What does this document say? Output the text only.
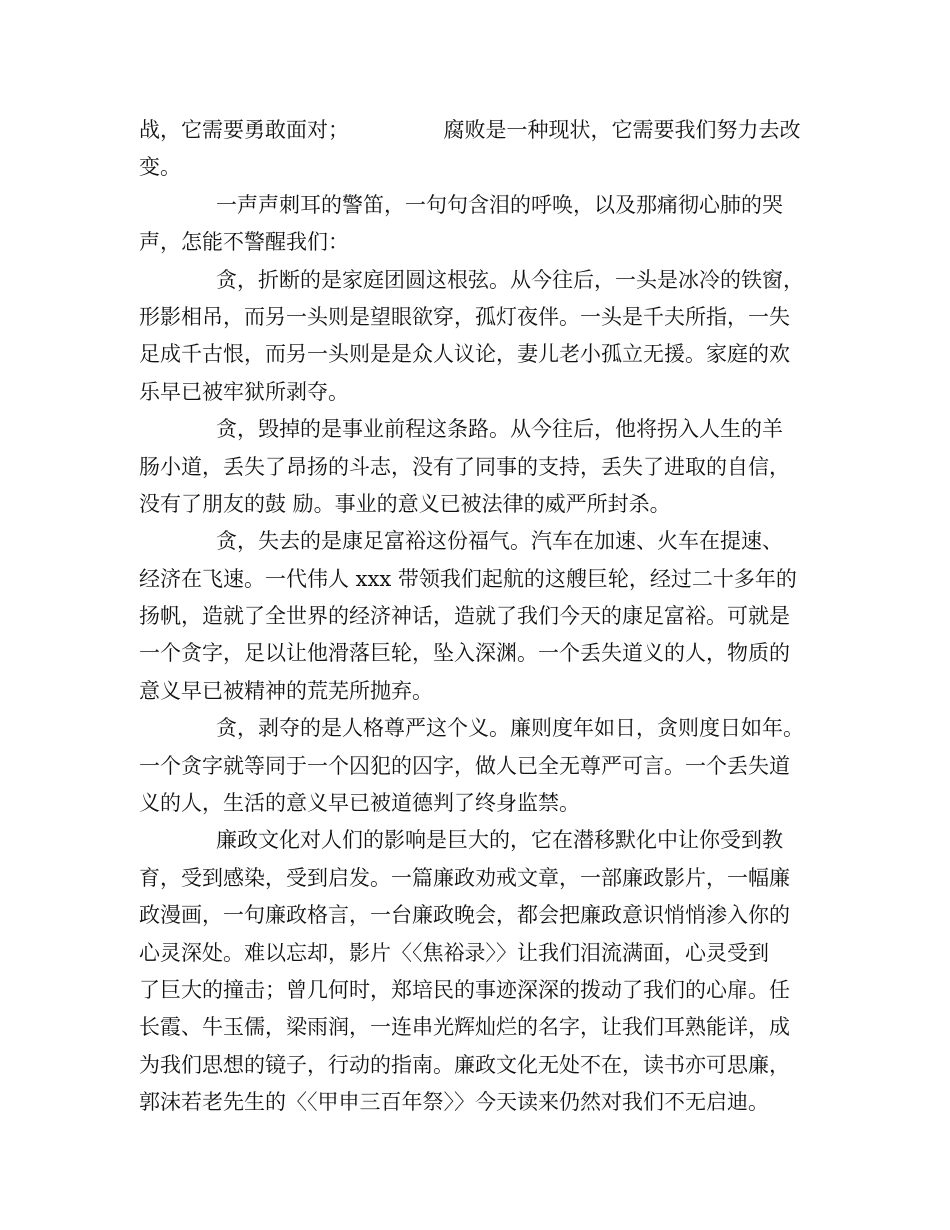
战，它需要勇敢面对；　　　　　腐败是一种现状，它需要我们努力去改
变。
一声声刺耳的警笛，一句句含泪的呼唤，以及那痛彻心肺的哭
声，怎能不警醒我们：
贪，折断的是家庭团圆这根弦。从今往后，一头是冰冷的铁窗，
形影相吊，而另一头则是望眼欲穿，孤灯夜伴。一头是千夫所指，一失
足成千古恨，而另一头则是是众人议论，妻儿老小孤立无援。家庭的欢
乐早已被牢狱所剥夺。
贪，毁掉的是事业前程这条路。从今往后，他将拐入人生的羊
肠小道，丢失了昂扬的斗志，没有了同事的支持，丢失了进取的自信，
没有了朋友的鼓 励。事业的意义已被法律的威严所封杀。
贪，失去的是康足富裕这份福气。汽车在加速、火车在提速、
经济在飞速。一代伟人 xxx 带领我们起航的这艘巨轮，经过二十多年的
扬帆，造就了全世界的经济神话，造就了我们今天的康足富裕。可就是
一个贪字，足以让他滑落巨轮，坠入深渊。一个丢失道义的人，物质的
意义早已被精神的荒芜所抛弃。
贪，剥夺的是人格尊严这个义。廉则度年如日，贪则度日如年。
一个贪字就等同于一个囚犯的囚字，做人已全无尊严可言。一个丢失道
义的人，生活的意义早已被道德判了终身监禁。
廉政文化对人们的影响是巨大的，它在潜移默化中让你受到教
育，受到感染，受到启发。一篇廉政劝戒文章，一部廉政影片，一幅廉
政漫画，一句廉政格言，一台廉政晚会，都会把廉政意识悄悄渗入你的
心灵深处。难以忘却，影片〈〈焦裕录〉〉让我们泪流满面，心灵受到
了巨大的撞击；曾几何时，郑培民的事迹深深的拨动了我们的心扉。任
长霞、牛玉儒，梁雨润，一连串光辉灿烂的名字，让我们耳熟能详，成
为我们思想的镜子，行动的指南。廉政文化无处不在，读书亦可思廉，
郭沫若老先生的〈〈甲申三百年祭〉〉今天读来仍然对我们不无启迪。
